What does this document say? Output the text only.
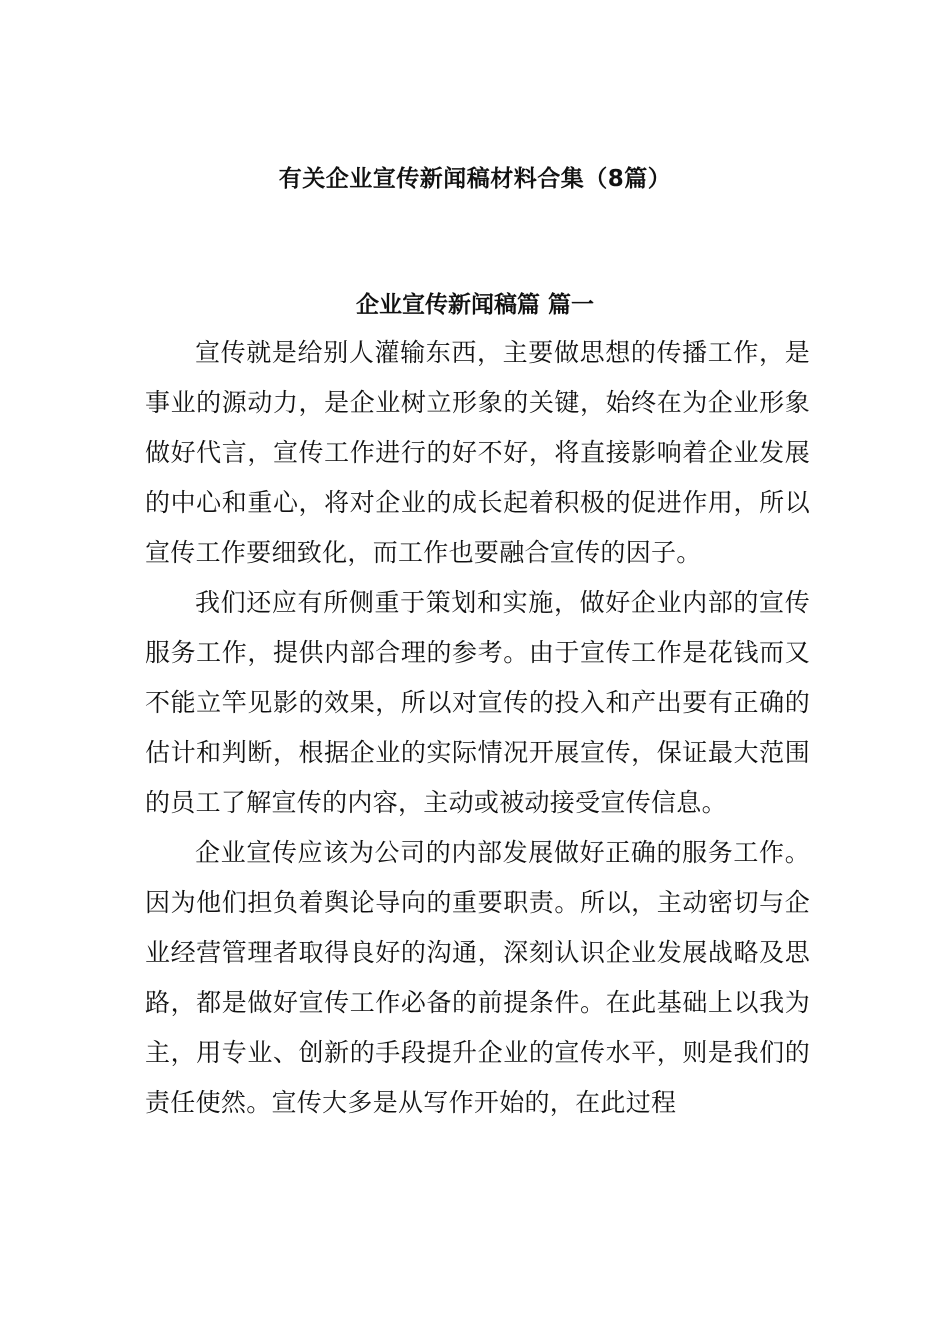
有关企业宣传新闻稿材料合集（8篇）
企业宣传新闻稿篇 篇一

宣传就是给别人灌输东西，主要做思想的传播工作，是事业的源动力，是企业树立形象的关键，始终在为企业形象做好代言，宣传工作进行的好不好，将直接影响着企业发展的中心和重心，将对企业的成长起着积极的促进作用，所以宣传工作要细致化，而工作也要融合宣传的因子。

我们还应有所侧重于策划和实施，做好企业内部的宣传服务工作，提供内部合理的参考。由于宣传工作是花钱而又不能立竿见影的效果，所以对宣传的投入和产出要有正确的估计和判断，根据企业的实际情况开展宣传，保证最大范围的员工了解宣传的内容，主动或被动接受宣传信息。

企业宣传应该为公司的内部发展做好正确的服务工作。因为他们担负着舆论导向的重要职责。所以，主动密切与企业经营管理者取得良好的沟通，深刻认识企业发展战略及思路，都是做好宣传工作必备的前提条件。在此基础上以我为主，用专业、创新的手段提升企业的宣传水平，则是我们的责任使然。宣传大多是从写作开始的，在此过程
